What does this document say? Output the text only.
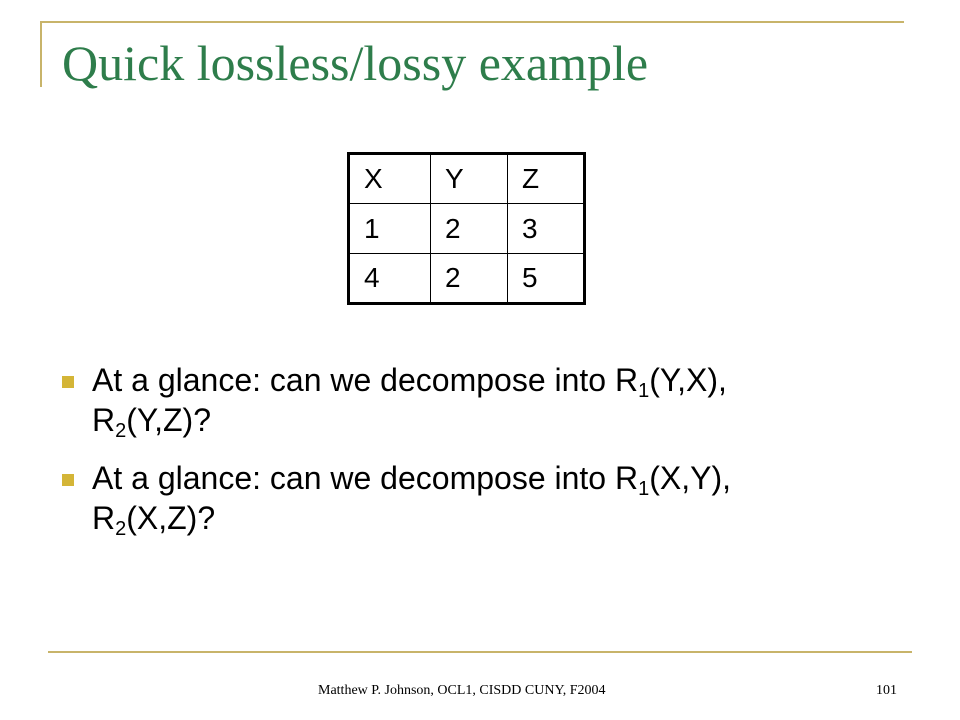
Quick lossless/lossy example
X	Y	Z
1	2	3
4	2	5
At a glance: can we decompose into $R_1(Y,X)$,
$R_2(Y,Z)$?
At a glance: can we decompose into $R_1(X,Y)$,
$R_2(X,Z)$?
Matthew P. Johnson, OCL1, CISDD CUNY, F2004	101
